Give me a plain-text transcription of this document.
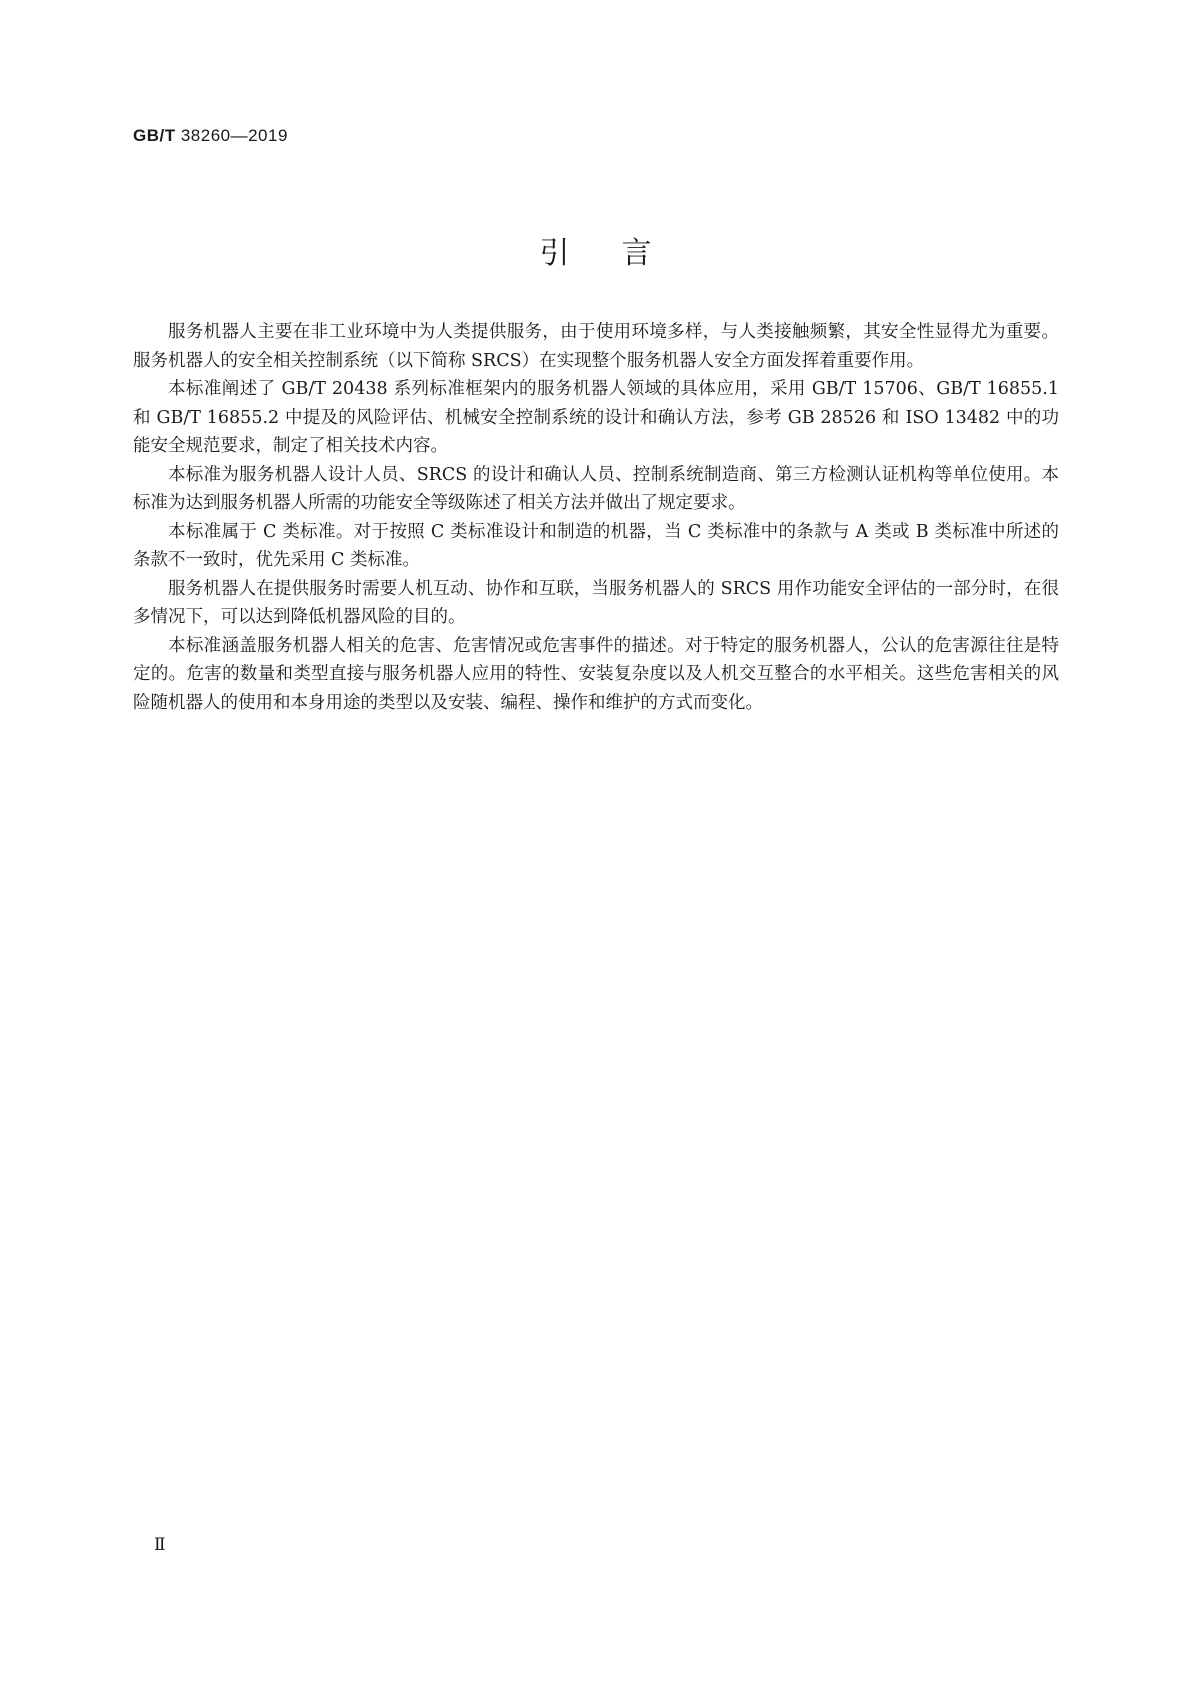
GB/T 38260—2019
引言

服务机器人主要在非工业环境中为人类提供服务，由于使用环境多样，与人类接触频繁，其安全性显得尤为重要。服务机器人的安全相关控制系统（以下简称 SRCS）在实现整个服务机器人安全方面发挥着重要作用。

本标准阐述了 GB/T 20438 系列标准框架内的服务机器人领域的具体应用，采用 GB/T 15706、GB/T 16855.1 和 GB/T 16855.2 中提及的风险评估、机械安全控制系统的设计和确认方法，参考 GB 28526 和 ISO 13482 中的功能安全规范要求，制定了相关技术内容。

本标准为服务机器人设计人员、SRCS 的设计和确认人员、控制系统制造商、第三方检测认证机构等单位使用。本标准为达到服务机器人所需的功能安全等级陈述了相关方法并做出了规定要求。

本标准属于 C 类标准。对于按照 C 类标准设计和制造的机器，当 C 类标准中的条款与 A 类或 B 类标准中所述的条款不一致时，优先采用 C 类标准。

服务机器人在提供服务时需要人机互动、协作和互联，当服务机器人的 SRCS 用作功能安全评估的一部分时，在很多情况下，可以达到降低机器风险的目的。

本标准涵盖服务机器人相关的危害、危害情况或危害事件的描述。对于特定的服务机器人，公认的危害源往往是特定的。危害的数量和类型直接与服务机器人应用的特性、安装复杂度以及人机交互整合的水平相关。这些危害相关的风险随机器人的使用和本身用途的类型以及安装、编程、操作和维护的方式而变化。

Ⅱ
